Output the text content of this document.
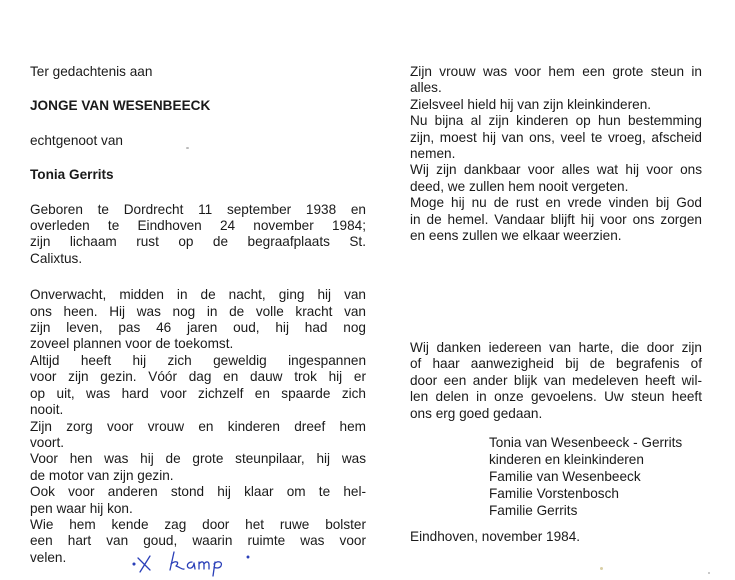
Ter gedachtenis aan
JONGE VAN WESENBEECK
echtgenoot van
Tonia Gerrits
Geboren te Dordrecht 11 september 1938 en
overleden te Eindhoven 24 november 1984;
zijn lichaam rust op de begraafplaats St.
Calixtus.
Onverwacht, midden in de nacht, ging hij van
ons heen. Hij was nog in de volle kracht van
zijn leven, pas 46 jaren oud, hij had nog
zoveel plannen voor de toekomst.
Altijd heeft hij zich geweldig ingespannen
voor zijn gezin. Vóór dag en dauw trok hij er
op uit, was hard voor zichzelf en spaarde zich
nooit.
Zijn zorg voor vrouw en kinderen dreef hem
voort.
Voor hen was hij de grote steunpilaar, hij was
de motor van zijn gezin.
Ook voor anderen stond hij klaar om te hel-
pen waar hij kon.
Wie hem kende zag door het ruwe bolster
een hart van goud, waarin ruimte was voor
velen.
Zijn vrouw was voor hem een grote steun in
alles.
Zielsveel hield hij van zijn kleinkinderen.
Nu bijna al zijn kinderen op hun bestemming
zijn, moest hij van ons, veel te vroeg, afscheid
nemen.
Wij zijn dankbaar voor alles wat hij voor ons
deed, we zullen hem nooit vergeten.
Moge hij nu de rust en vrede vinden bij God
in de hemel. Vandaar blijft hij voor ons zorgen
en eens zullen we elkaar weerzien.
Wij danken iedereen van harte, die door zijn
of haar aanwezigheid bij de begrafenis of
door een ander blijk van medeleven heeft wil-
len delen in onze gevoelens. Uw steun heeft
ons erg goed gedaan.
Tonia van Wesenbeeck - Gerrits
kinderen en kleinkinderen
Familie van Wesenbeeck
Familie Vorstenbosch
Familie Gerrits
Eindhoven, november 1984.
